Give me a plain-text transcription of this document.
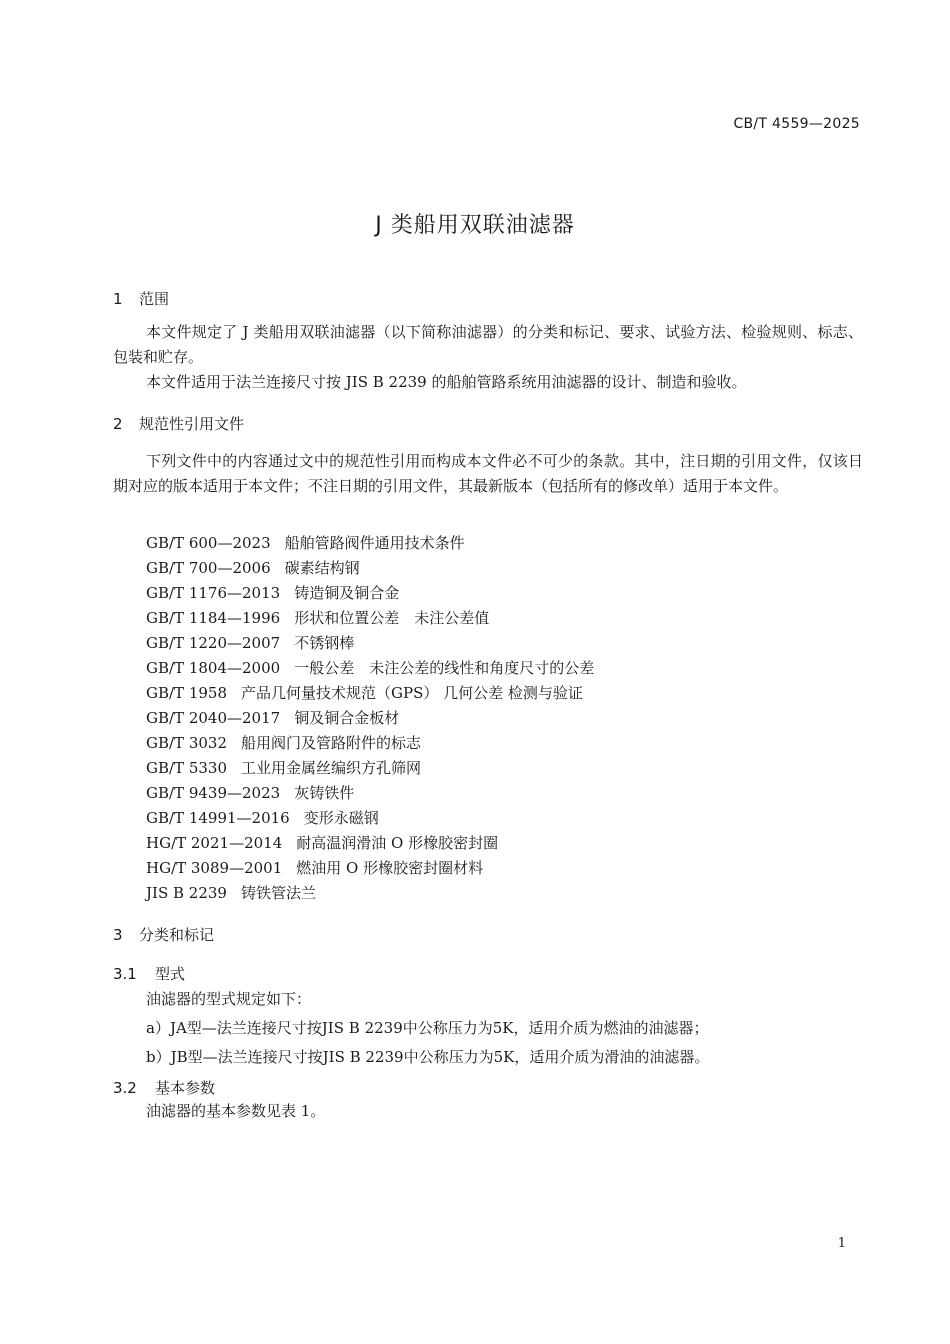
CB/T 4559—2025
J 类船用双联油滤器
1 范围

本文件规定了 J 类船用双联油滤器（以下简称油滤器）的分类和标记、要求、试验方法、检验规则、标志、包装和贮存。

本文件适用于法兰连接尺寸按 JIS B 2239 的船舶管路系统用油滤器的设计、制造和验收。

2 规范性引用文件

下列文件中的内容通过文中的规范性引用而构成本文件必不可少的条款。其中，注日期的引用文件，仅该日期对应的版本适用于本文件；不注日期的引用文件，其最新版本（包括所有的修改单）适用于本文件。

GB/T 600—2023 船舶管路阀件通用技术条件
GB/T 700—2006 碳素结构钢
GB/T 1176—2013 铸造铜及铜合金
GB/T 1184—1996 形状和位置公差　未注公差值
GB/T 1220—2007 不锈钢棒
GB/T 1804—2000 一般公差　未注公差的线性和角度尺寸的公差
GB/T 1958 产品几何量技术规范（GPS） 几何公差 检测与验证
GB/T 2040—2017 铜及铜合金板材
GB/T 3032 船用阀门及管路附件的标志
GB/T 5330 工业用金属丝编织方孔筛网
GB/T 9439—2023 灰铸铁件
GB/T 14991—2016 变形永磁钢
HG/T 2021—2014 耐高温润滑油 O 形橡胶密封圈
HG/T 3089—2001 燃油用 O 形橡胶密封圈材料
JIS B 2239 铸铁管法兰
3 分类和标记
3.1 型式
油滤器的型式规定如下：
a）JA型—法兰连接尺寸按JIS B 2239中公称压力为5K，适用介质为燃油的油滤器；
b）JB型—法兰连接尺寸按JIS B 2239中公称压力为5K，适用介质为滑油的油滤器。
3.2 基本参数
油滤器的基本参数见表 1。
1
